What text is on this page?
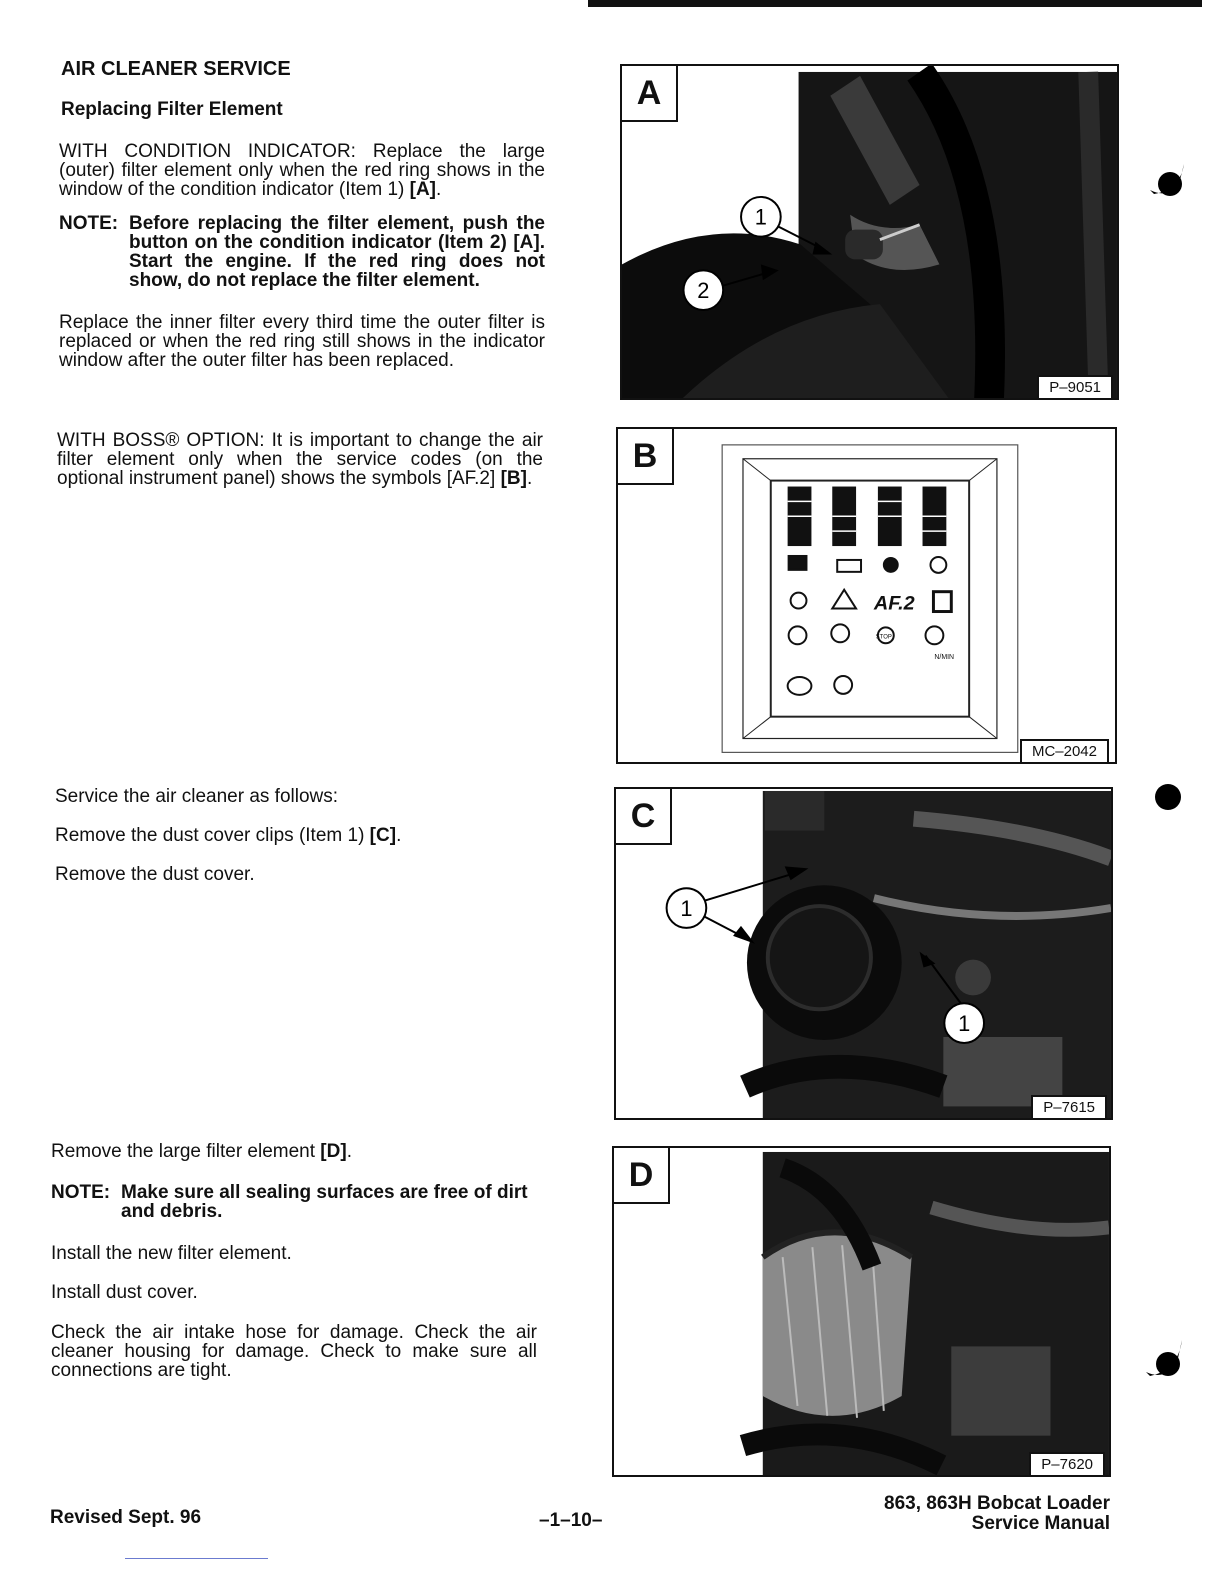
AIR CLEANER SERVICE
Replacing Filter Element
WITH CONDITION INDICATOR: Replace the large (outer) filter element only when the red ring shows in the window of the condition indicator (Item 1) [A].
NOTE: Before replacing the filter element, push the button on the condition indicator (Item 2) [A]. Start the engine. If the red ring does not show, do not replace the filter element.
Replace the inner filter every third time the outer filter is replaced or when the red ring still shows in the indicator window after the outer filter has been replaced.
WITH BOSS® OPTION: It is important to change the air filter element only when the service codes (on the optional instrument panel) shows the symbols [AF.2] [B].
Service the air cleaner as follows:
Remove the dust cover clips (Item 1) [C].
Remove the dust cover.
Remove the large filter element [D].
NOTE: Make sure all sealing surfaces are free of dirt and debris.
Install the new filter element.
Install dust cover.
Check the air intake hose for damage. Check the air cleaner housing for damage. Check to make sure all connections are tight.
A
1
2
P–9051
B
AF.2
N/MIN
STOP
MC–2042
C
1
1
P–7615
D
P–7620
Revised Sept. 96	–1–10–
863, 863H Bobcat Loader
Service Manual
